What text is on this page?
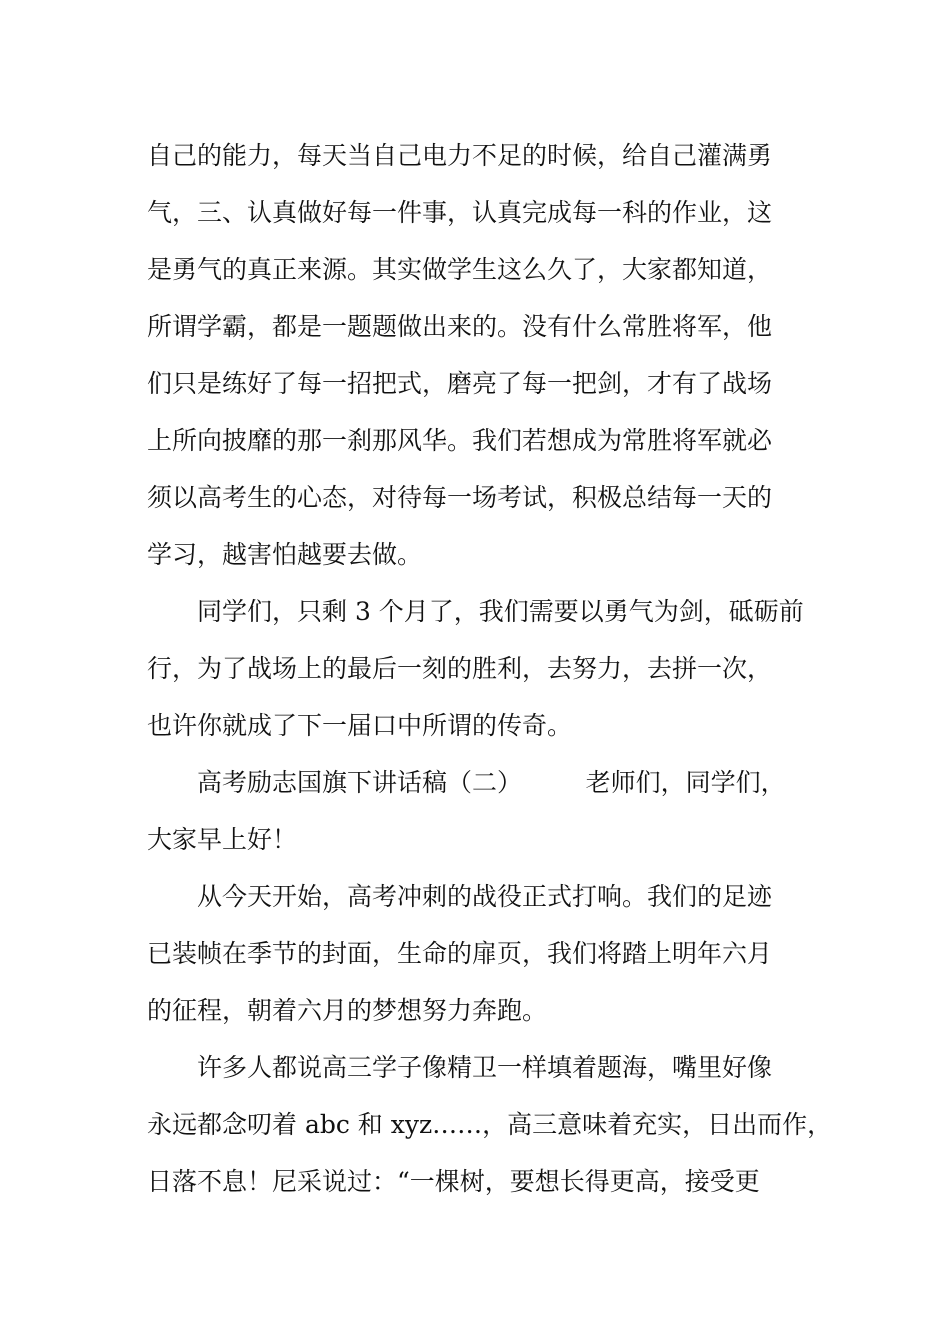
自己的能力，每天当自己电力不足的时候，给自己灌满勇
气，三、认真做好每一件事，认真完成每一科的作业，这
是勇气的真正来源。其实做学生这么久了，大家都知道，
所谓学霸，都是一题题做出来的。没有什么常胜将军，他
们只是练好了每一招把式，磨亮了每一把剑，才有了战场
上所向披靡的那一刹那风华。我们若想成为常胜将军就必
须以高考生的心态，对待每一场考试，积极总结每一天的
学习，越害怕越要去做。

同学们，只剩 3 个月了，我们需要以勇气为剑，砥砺前
行，为了战场上的最后一刻的胜利，去努力，去拼一次，
也许你就成了下一届口中所谓的传奇。

高考励志国旗下讲话稿（二）        老师们，同学们，
大家早上好！

从今天开始，高考冲刺的战役正式打响。我们的足迹
已装帧在季节的封面，生命的扉页，我们将踏上明年六月
的征程，朝着六月的梦想努力奔跑。

许多人都说高三学子像精卫一样填着题海，嘴里好像
永远都念叨着 abc 和 xyz……，高三意味着充实，日出而作，
日落不息！尼采说过：“一棵树，要想长得更高，接受更
